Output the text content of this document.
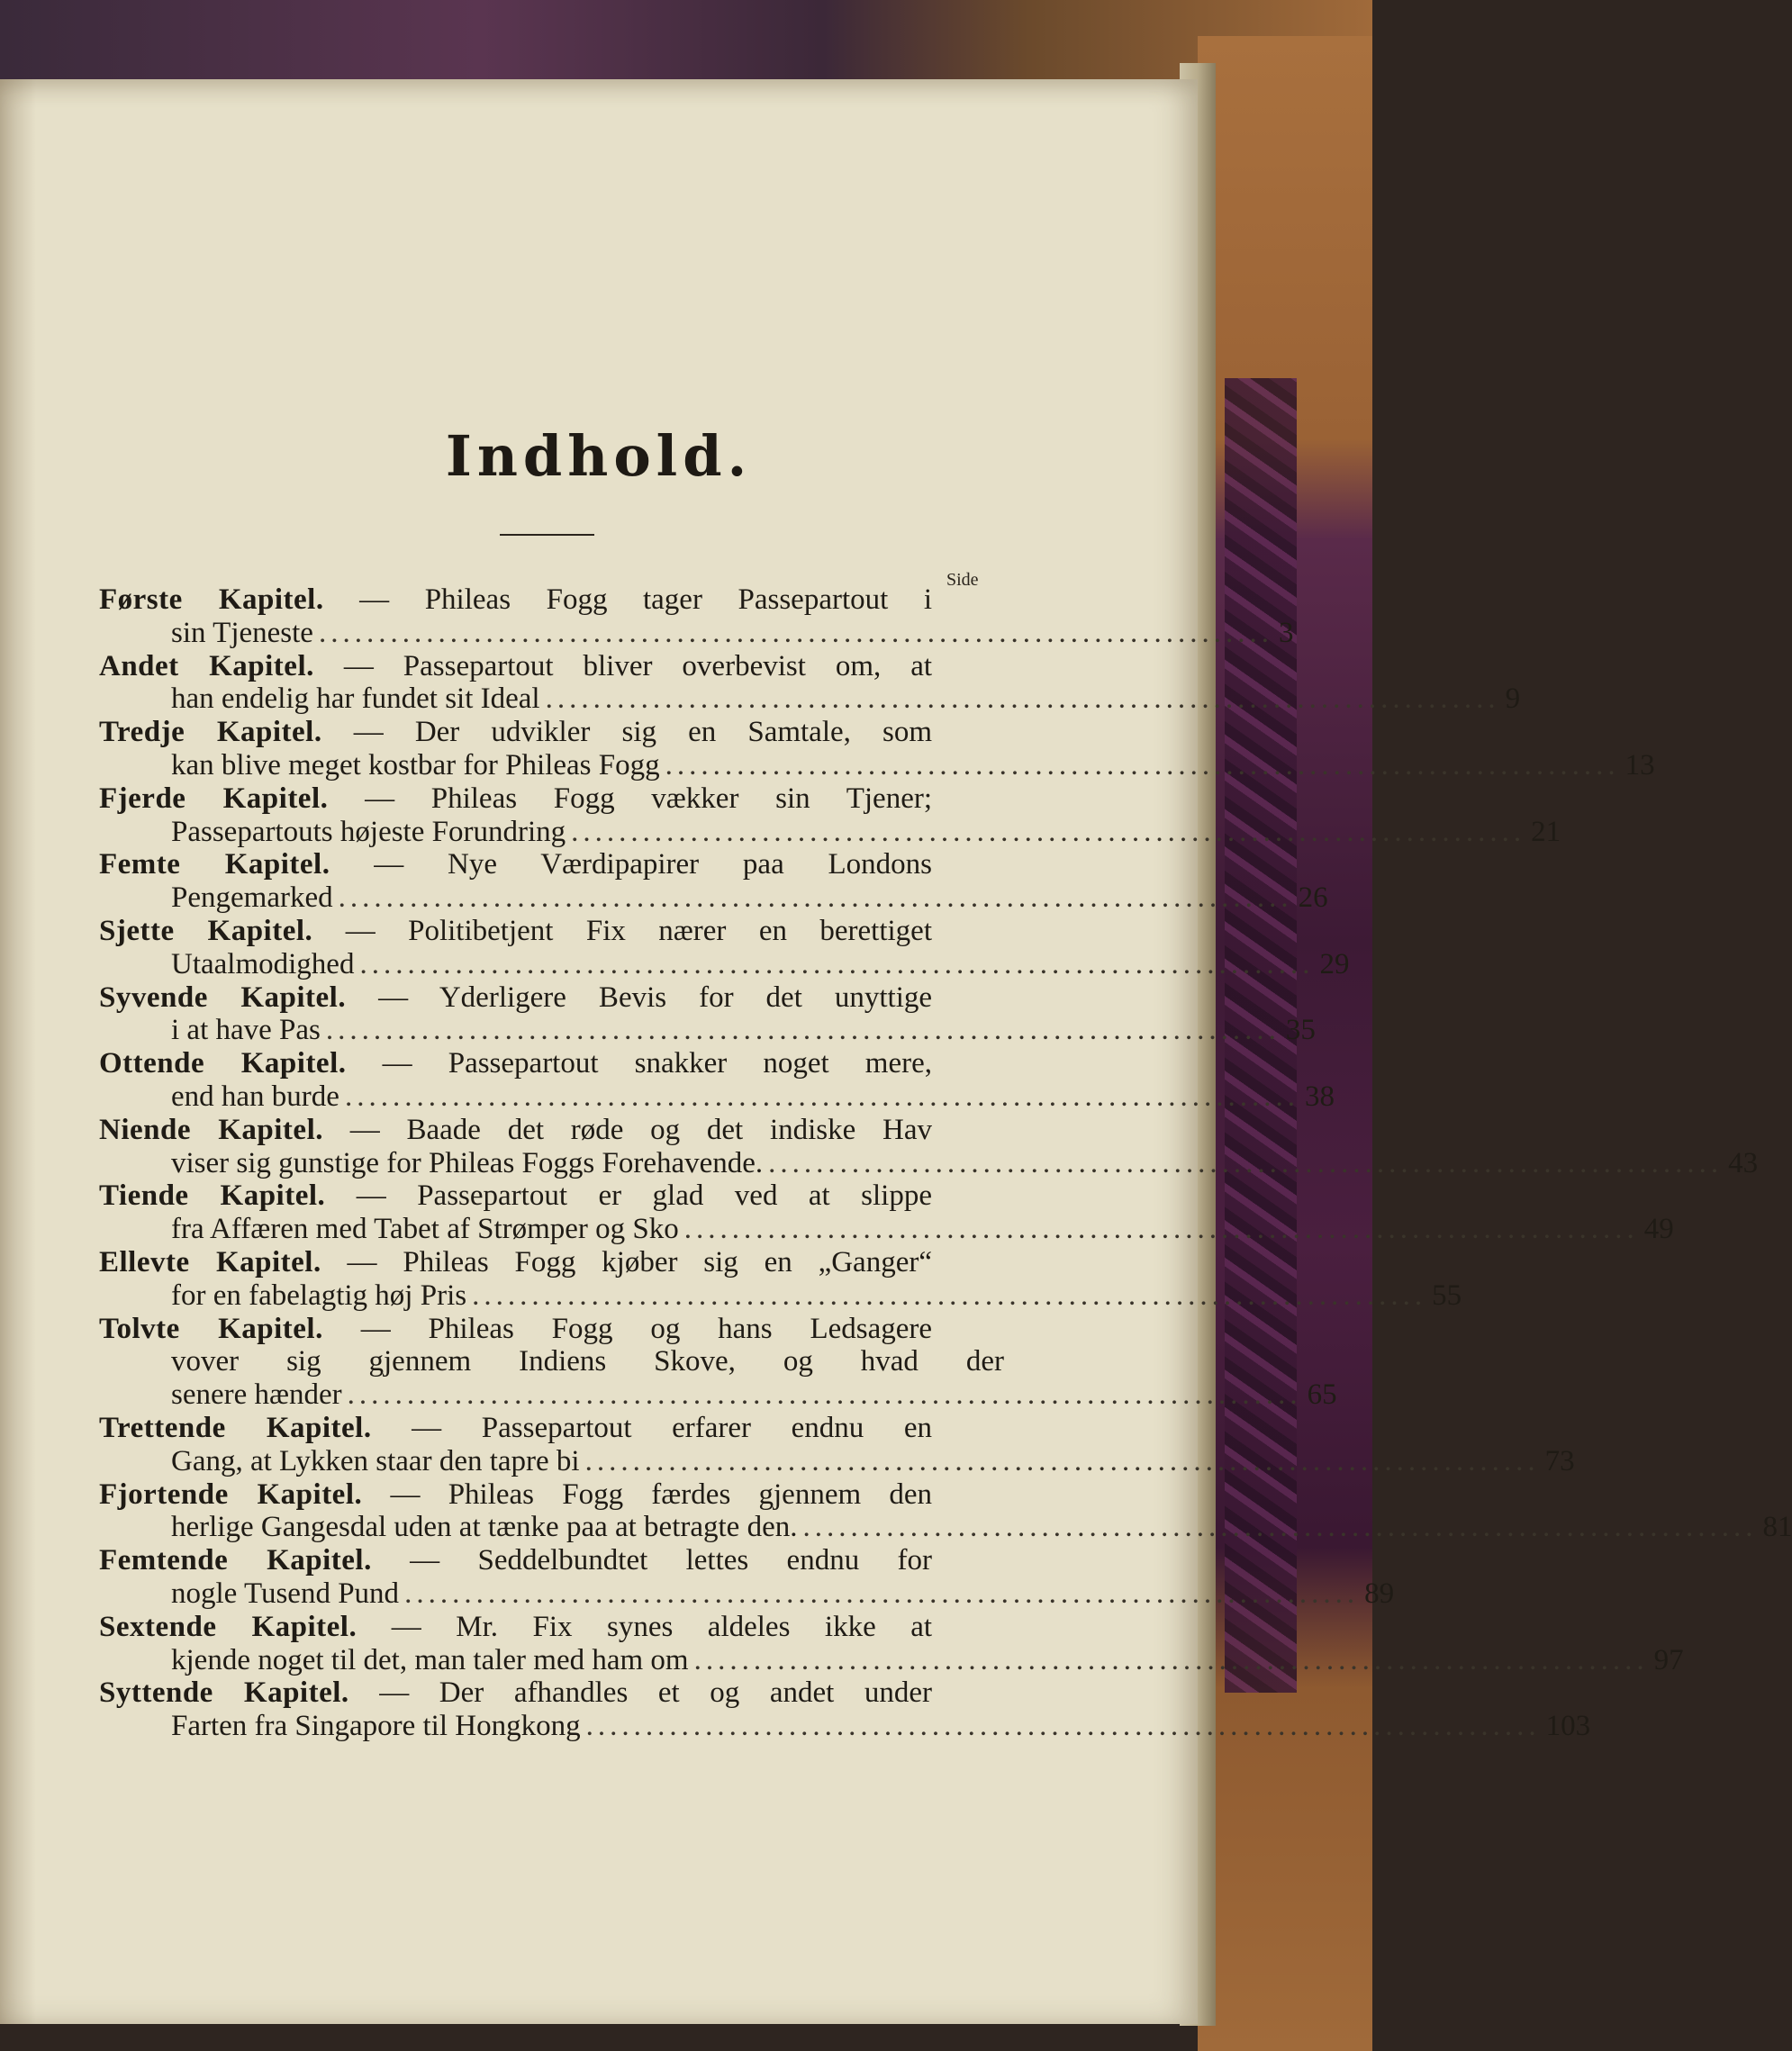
Indhold.
Side
Første Kapitel. — Phileas Fogg tager Passepartout i
sin Tjeneste ................................................................................ 3
Andet Kapitel. — Passepartout bliver overbevist om, at
han endelig har fundet sit Ideal ................................................................................ 9
Tredje Kapitel. — Der udvikler sig en Samtale, som
kan blive meget kostbar for Phileas Fogg ................................................................................ 13
Fjerde Kapitel. — Phileas Fogg vækker sin Tjener;
Passepartouts højeste Forundring ................................................................................ 21
Femte Kapitel. — Nye Værdipapirer paa Londons
Pengemarked ................................................................................ 26
Sjette Kapitel. — Politibetjent Fix nærer en berettiget
Utaalmodighed ................................................................................ 29
Syvende Kapitel. — Yderligere Bevis for det unyttige
i at have Pas ................................................................................ 35
Ottende Kapitel. — Passepartout snakker noget mere,
end han burde ................................................................................ 38
Niende Kapitel. — Baade det røde og det indiske Hav
viser sig gunstige for Phileas Foggs Forehavende. ................................................................................ 43
Tiende Kapitel. — Passepartout er glad ved at slippe
fra Affæren med Tabet af Strømper og Sko ................................................................................ 49
Ellevte Kapitel. — Phileas Fogg kjøber sig en „Ganger“
for en fabelagtig høj Pris ................................................................................ 55
Tolvte Kapitel. — Phileas Fogg og hans Ledsagere
vover sig gjennem Indiens Skove, og hvad der
senere hænder ................................................................................ 65
Trettende Kapitel. — Passepartout erfarer endnu en
Gang, at Lykken staar den tapre bi ................................................................................ 73
Fjortende Kapitel. — Phileas Fogg færdes gjennem den
herlige Gangesdal uden at tænke paa at betragte den. ................................................................................ 81
Femtende Kapitel. — Seddelbundtet lettes endnu for
nogle Tusend Pund ................................................................................ 89
Sextende Kapitel. — Mr. Fix synes aldeles ikke at
kjende noget til det, man taler med ham om ................................................................................ 97
Syttende Kapitel. — Der afhandles et og andet under
Farten fra Singapore til Hongkong ................................................................................ 103
